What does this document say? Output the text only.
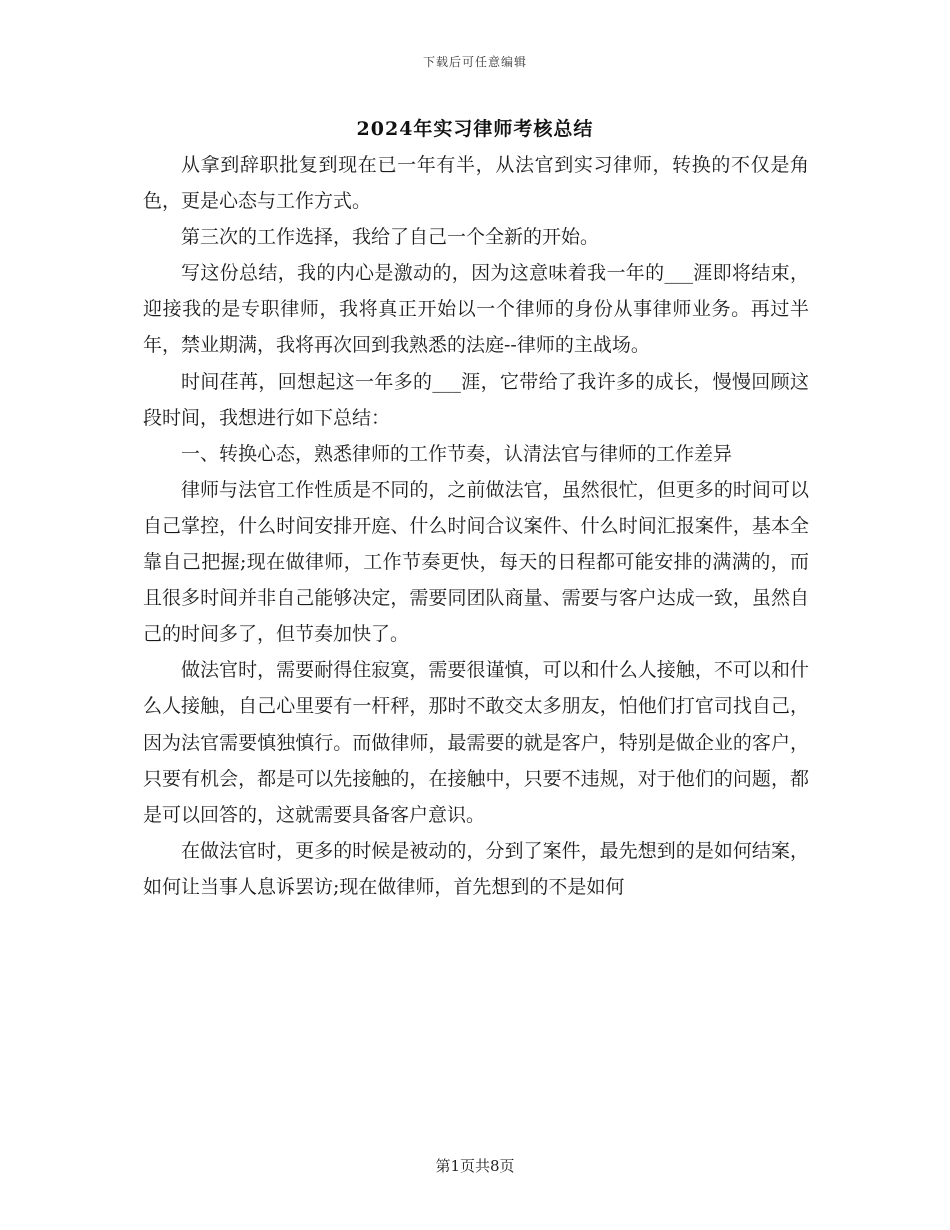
下载后可任意编辑
2024年实习律师考核总结

从拿到辞职批复到现在已一年有半，从法官到实习律师，转换的不仅是角色，更是心态与工作方式。

第三次的工作选择，我给了自己一个全新的开始。

写这份总结，我的内心是激动的，因为这意味着我一年的___涯即将结束，迎接我的是专职律师，我将真正开始以一个律师的身份从事律师业务。再过半年，禁业期满，我将再次回到我熟悉的法庭--律师的主战场。

时间荏苒，回想起这一年多的___涯，它带给了我许多的成长，慢慢回顾这段时间，我想进行如下总结：

一、转换心态，熟悉律师的工作节奏，认清法官与律师的工作差异

律师与法官工作性质是不同的，之前做法官，虽然很忙，但更多的时间可以自己掌控，什么时间安排开庭、什么时间合议案件、什么时间汇报案件，基本全靠自己把握;现在做律师，工作节奏更快，每天的日程都可能安排的满满的，而且很多时间并非自己能够决定，需要同团队商量、需要与客户达成一致，虽然自己的时间多了，但节奏加快了。

做法官时，需要耐得住寂寞，需要很谨慎，可以和什么人接触，不可以和什么人接触，自己心里要有一杆秤，那时不敢交太多朋友，怕他们打官司找自己，因为法官需要慎独慎行。而做律师，最需要的就是客户，特别是做企业的客户，只要有机会，都是可以先接触的，在接触中，只要不违规，对于他们的问题，都是可以回答的，这就需要具备客户意识。

在做法官时，更多的时候是被动的，分到了案件，最先想到的是如何结案，如何让当事人息诉罢访;现在做律师，首先想到的不是如何

第1页共8页
